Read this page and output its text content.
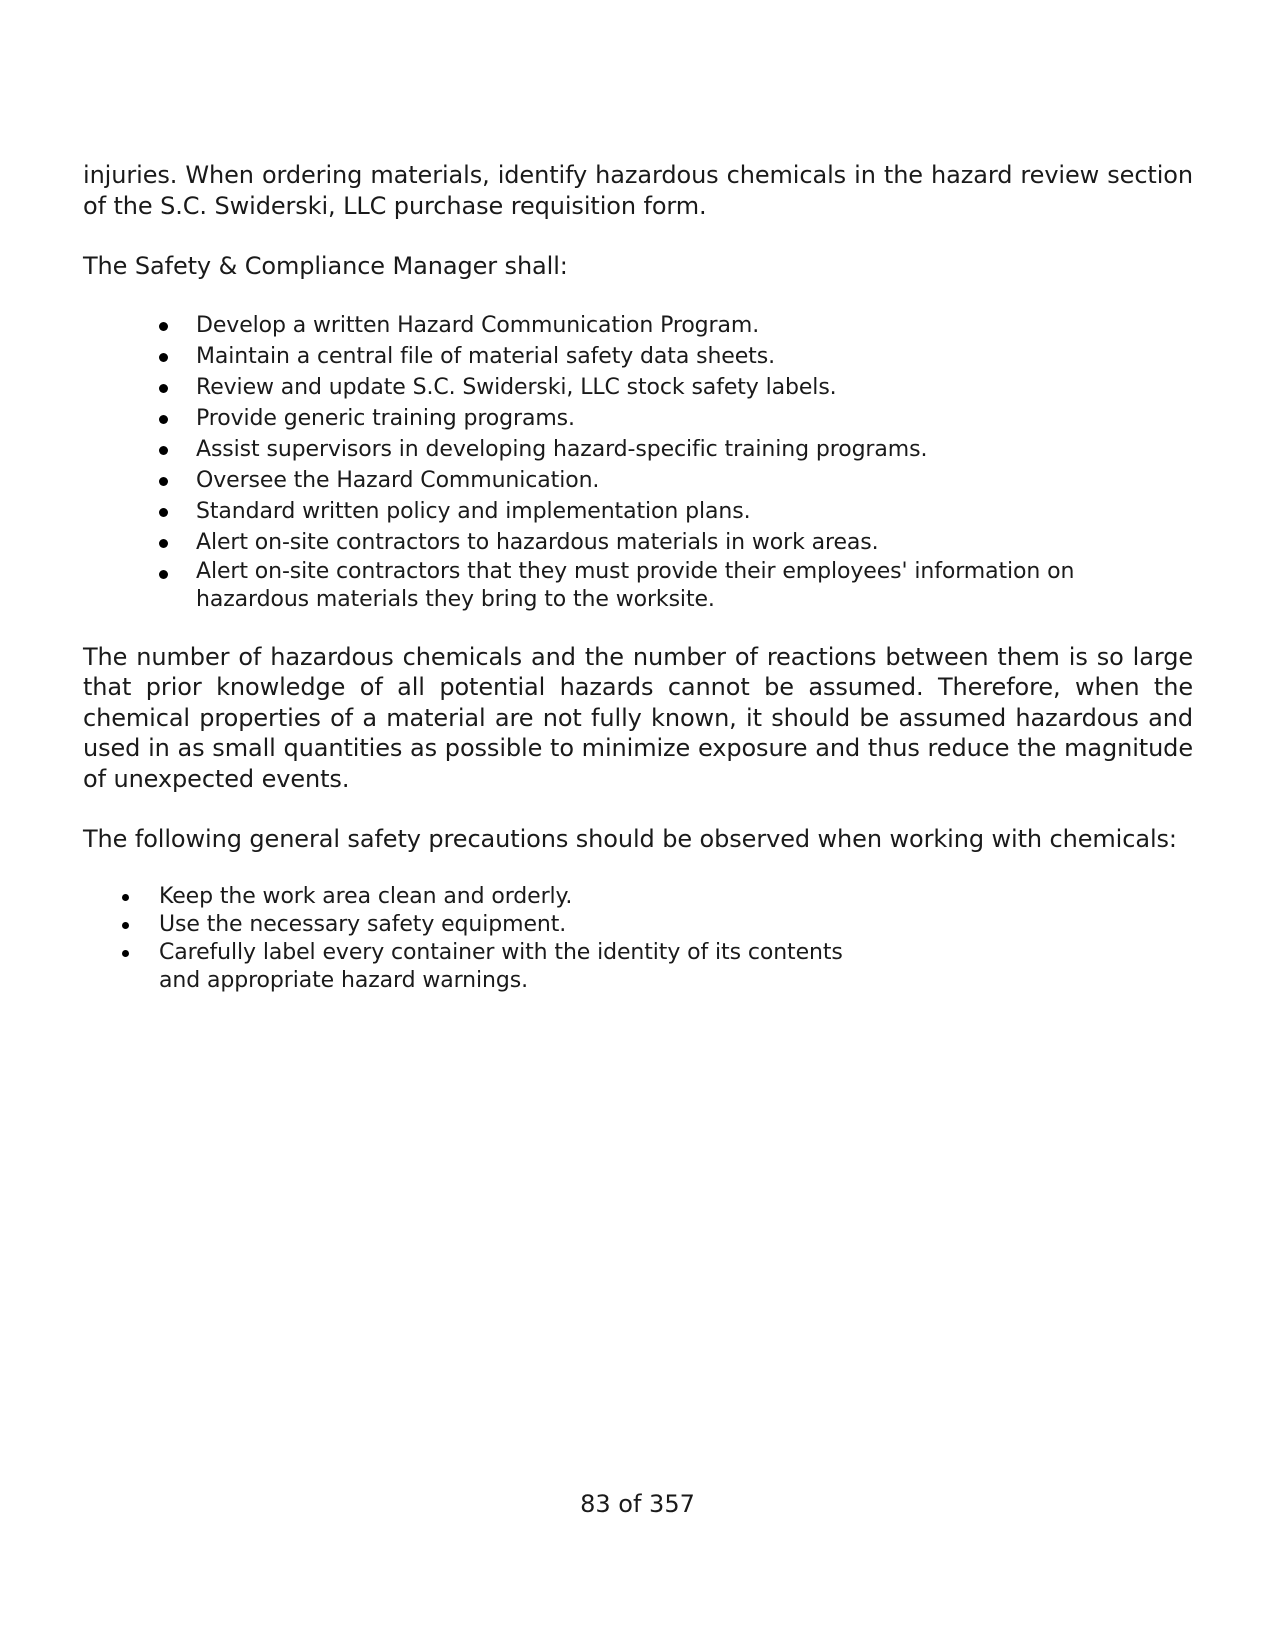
injuries. When ordering materials, identify hazardous chemicals in the hazard review section of the S.C. Swiderski, LLC purchase requisition form.

The Safety & Compliance Manager shall:

Develop a written Hazard Communication Program.
Maintain a central file of material safety data sheets.
Review and update S.C. Swiderski, LLC stock safety labels.
Provide generic training programs.
Assist supervisors in developing hazard-specific training programs.
Oversee the Hazard Communication.
Standard written policy and implementation plans.
Alert on-site contractors to hazardous materials in work areas.
Alert on-site contractors that they must provide their employees' information on hazardous materials they bring to the worksite.

The number of hazardous chemicals and the number of reactions between them is so large that prior knowledge of all potential hazards cannot be assumed. Therefore, when the chemical properties of a material are not fully known, it should be assumed hazardous and used in as small quantities as possible to minimize exposure and thus reduce the magnitude of unexpected events.

The following general safety precautions should be observed when working with chemicals:

Keep the work area clean and orderly.
Use the necessary safety equipment.
Carefully label every container with the identity of its contents
and appropriate hazard warnings.
83 of 357
